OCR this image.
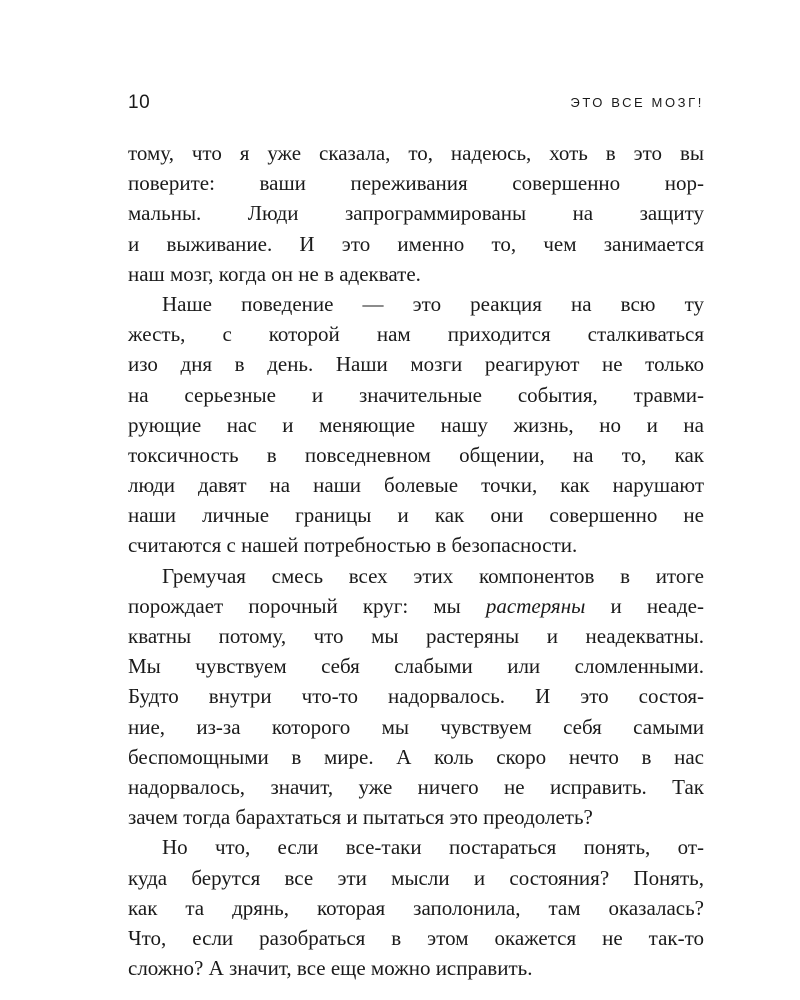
10	ЭТО ВСЕ МОЗГ!
тому, что я уже сказала, то, надеюсь, хоть в это вы
поверите: ваши переживания совершенно нор-
мальны. Люди запрограммированы на защиту
и выживание. И это именно то, чем занимается
наш мозг, когда он не в адеквате.
Наше поведение — это реакция на всю ту
жесть, с которой нам приходится сталкиваться
изо дня в день. Наши мозги реагируют не только
на серьезные и значительные события, травми-
рующие нас и меняющие нашу жизнь, но и на
токсичность в повседневном общении, на то, как
люди давят на наши болевые точки, как нарушают
наши личные границы и как они совершенно не
считаются с нашей потребностью в безопасности.
Гремучая смесь всех этих компонентов в итоге
порождает порочный круг: мы растеряны и неаде-
кватны потому, что мы растеряны и неадекватны.
Мы чувствуем себя слабыми или сломленными.
Будто внутри что-то надорвалось. И это состоя-
ние, из-за которого мы чувствуем себя самыми
беспомощными в мире. А коль скоро нечто в нас
надорвалось, значит, уже ничего не исправить. Так
зачем тогда барахтаться и пытаться это преодолеть?
Но что, если все-таки постараться понять, от-
куда берутся все эти мысли и состояния? Понять,
как та дрянь, которая заполонила, там оказалась?
Что, если разобраться в этом окажется не так-то
сложно? А значит, все еще можно исправить.
